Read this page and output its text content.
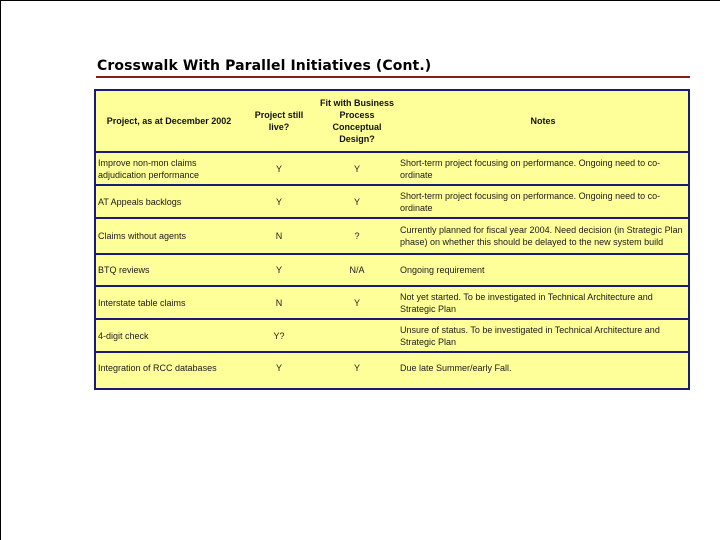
Crosswalk With Parallel Initiatives (Cont.)
Project, as at December 2002	Project still live?	Fit with Business Process Conceptual Design?	Notes
Improve non-mon claims adjudication performance	Y	Y	Short-term project focusing on performance. Ongoing need to co-ordinate
AT Appeals backlogs	Y	Y	Short-term project focusing on performance. Ongoing need to co-ordinate
Claims without agents	N	?	Currently planned for fiscal year 2004. Need decision (in Strategic Plan phase) on whether this should be delayed to the new system build
BTQ reviews	Y	N/A	Ongoing requirement
Interstate table claims	N	Y	Not yet started. To be investigated in Technical Architecture and Strategic Plan
4-digit check	Y?		Unsure of status. To be investigated in Technical Architecture and Strategic Plan
Integration of RCC databases	Y	Y	Due late Summer/early Fall.
